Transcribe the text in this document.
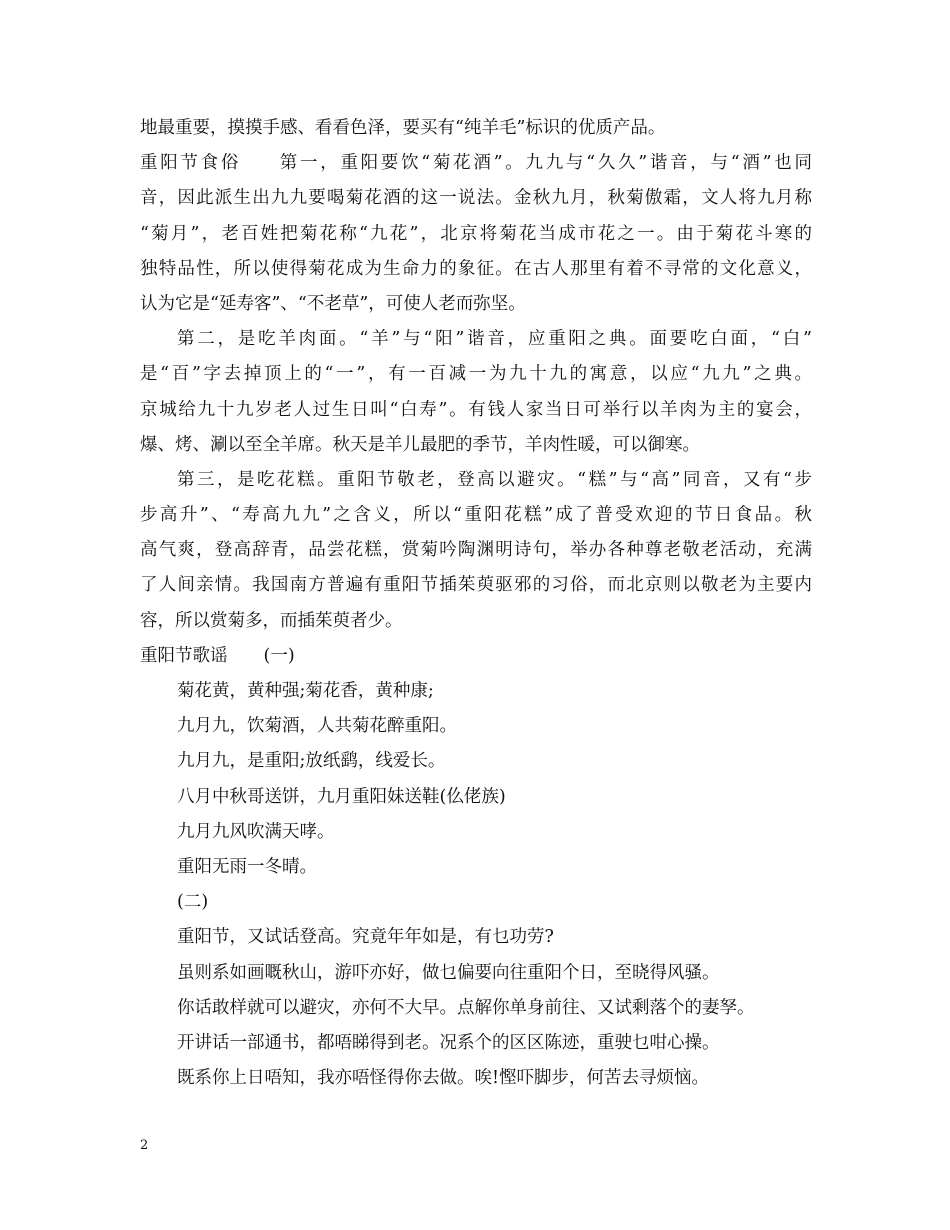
地最重要，摸摸手感、看看色泽，要买有“纯羊毛”标识的优质产品。
重阳节食俗 第一，重阳要饮“菊花酒”。九九与“久久”谐音，与“酒”也同
音，因此派生出九九要喝菊花酒的这一说法。金秋九月，秋菊傲霜，文人将九月称
“菊月”，老百姓把菊花称“九花”，北京将菊花当成市花之一。由于菊花斗寒的
独特品性，所以使得菊花成为生命力的象征。在古人那里有着不寻常的文化意义，
认为它是“延寿客”、“不老草”，可使人老而弥坚。
第二，是吃羊肉面。“羊”与“阳”谐音，应重阳之典。面要吃白面，“白”
是“百”字去掉顶上的“一”，有一百减一为九十九的寓意，以应“九九”之典。
京城给九十九岁老人过生日叫“白寿”。有钱人家当日可举行以羊肉为主的宴会，
爆、烤、涮以至全羊席。秋天是羊儿最肥的季节，羊肉性暖，可以御寒。
第三，是吃花糕。重阳节敬老，登高以避灾。“糕”与“高”同音，又有“步
步高升”、“寿高九九”之含义，所以“重阳花糕”成了普受欢迎的节日食品。秋
高气爽，登高辞青，品尝花糕，赏菊吟陶渊明诗句，举办各种尊老敬老活动，充满
了人间亲情。我国南方普遍有重阳节插茱萸驱邪的习俗，而北京则以敬老为主要内
容，所以赏菊多，而插茱萸者少。
重阳节歌谣 (一)
菊花黄，黄种强;菊花香，黄种康;
九月九，饮菊酒，人共菊花醉重阳。
九月九，是重阳;放纸鹞，线爱长。
八月中秋哥送饼，九月重阳妹送鞋(仫佬族)
九月九风吹满天哮。
重阳无雨一冬晴。
(二)
重阳节，又试话登高。究竟年年如是，有乜功劳?
虽则系如画嘅秋山，游吓亦好，做乜偏要向往重阳个日，至晓得风骚。
你话敢样就可以避灾，亦何不大早。点解你单身前往、又试剩落个的妻孥。
开讲话一部通书，都唔睇得到老。况系个的区区陈迹，重驶乜咁心操。
既系你上日唔知，我亦唔怪得你去做。唉!慳吓脚步，何苦去寻烦恼。
2
